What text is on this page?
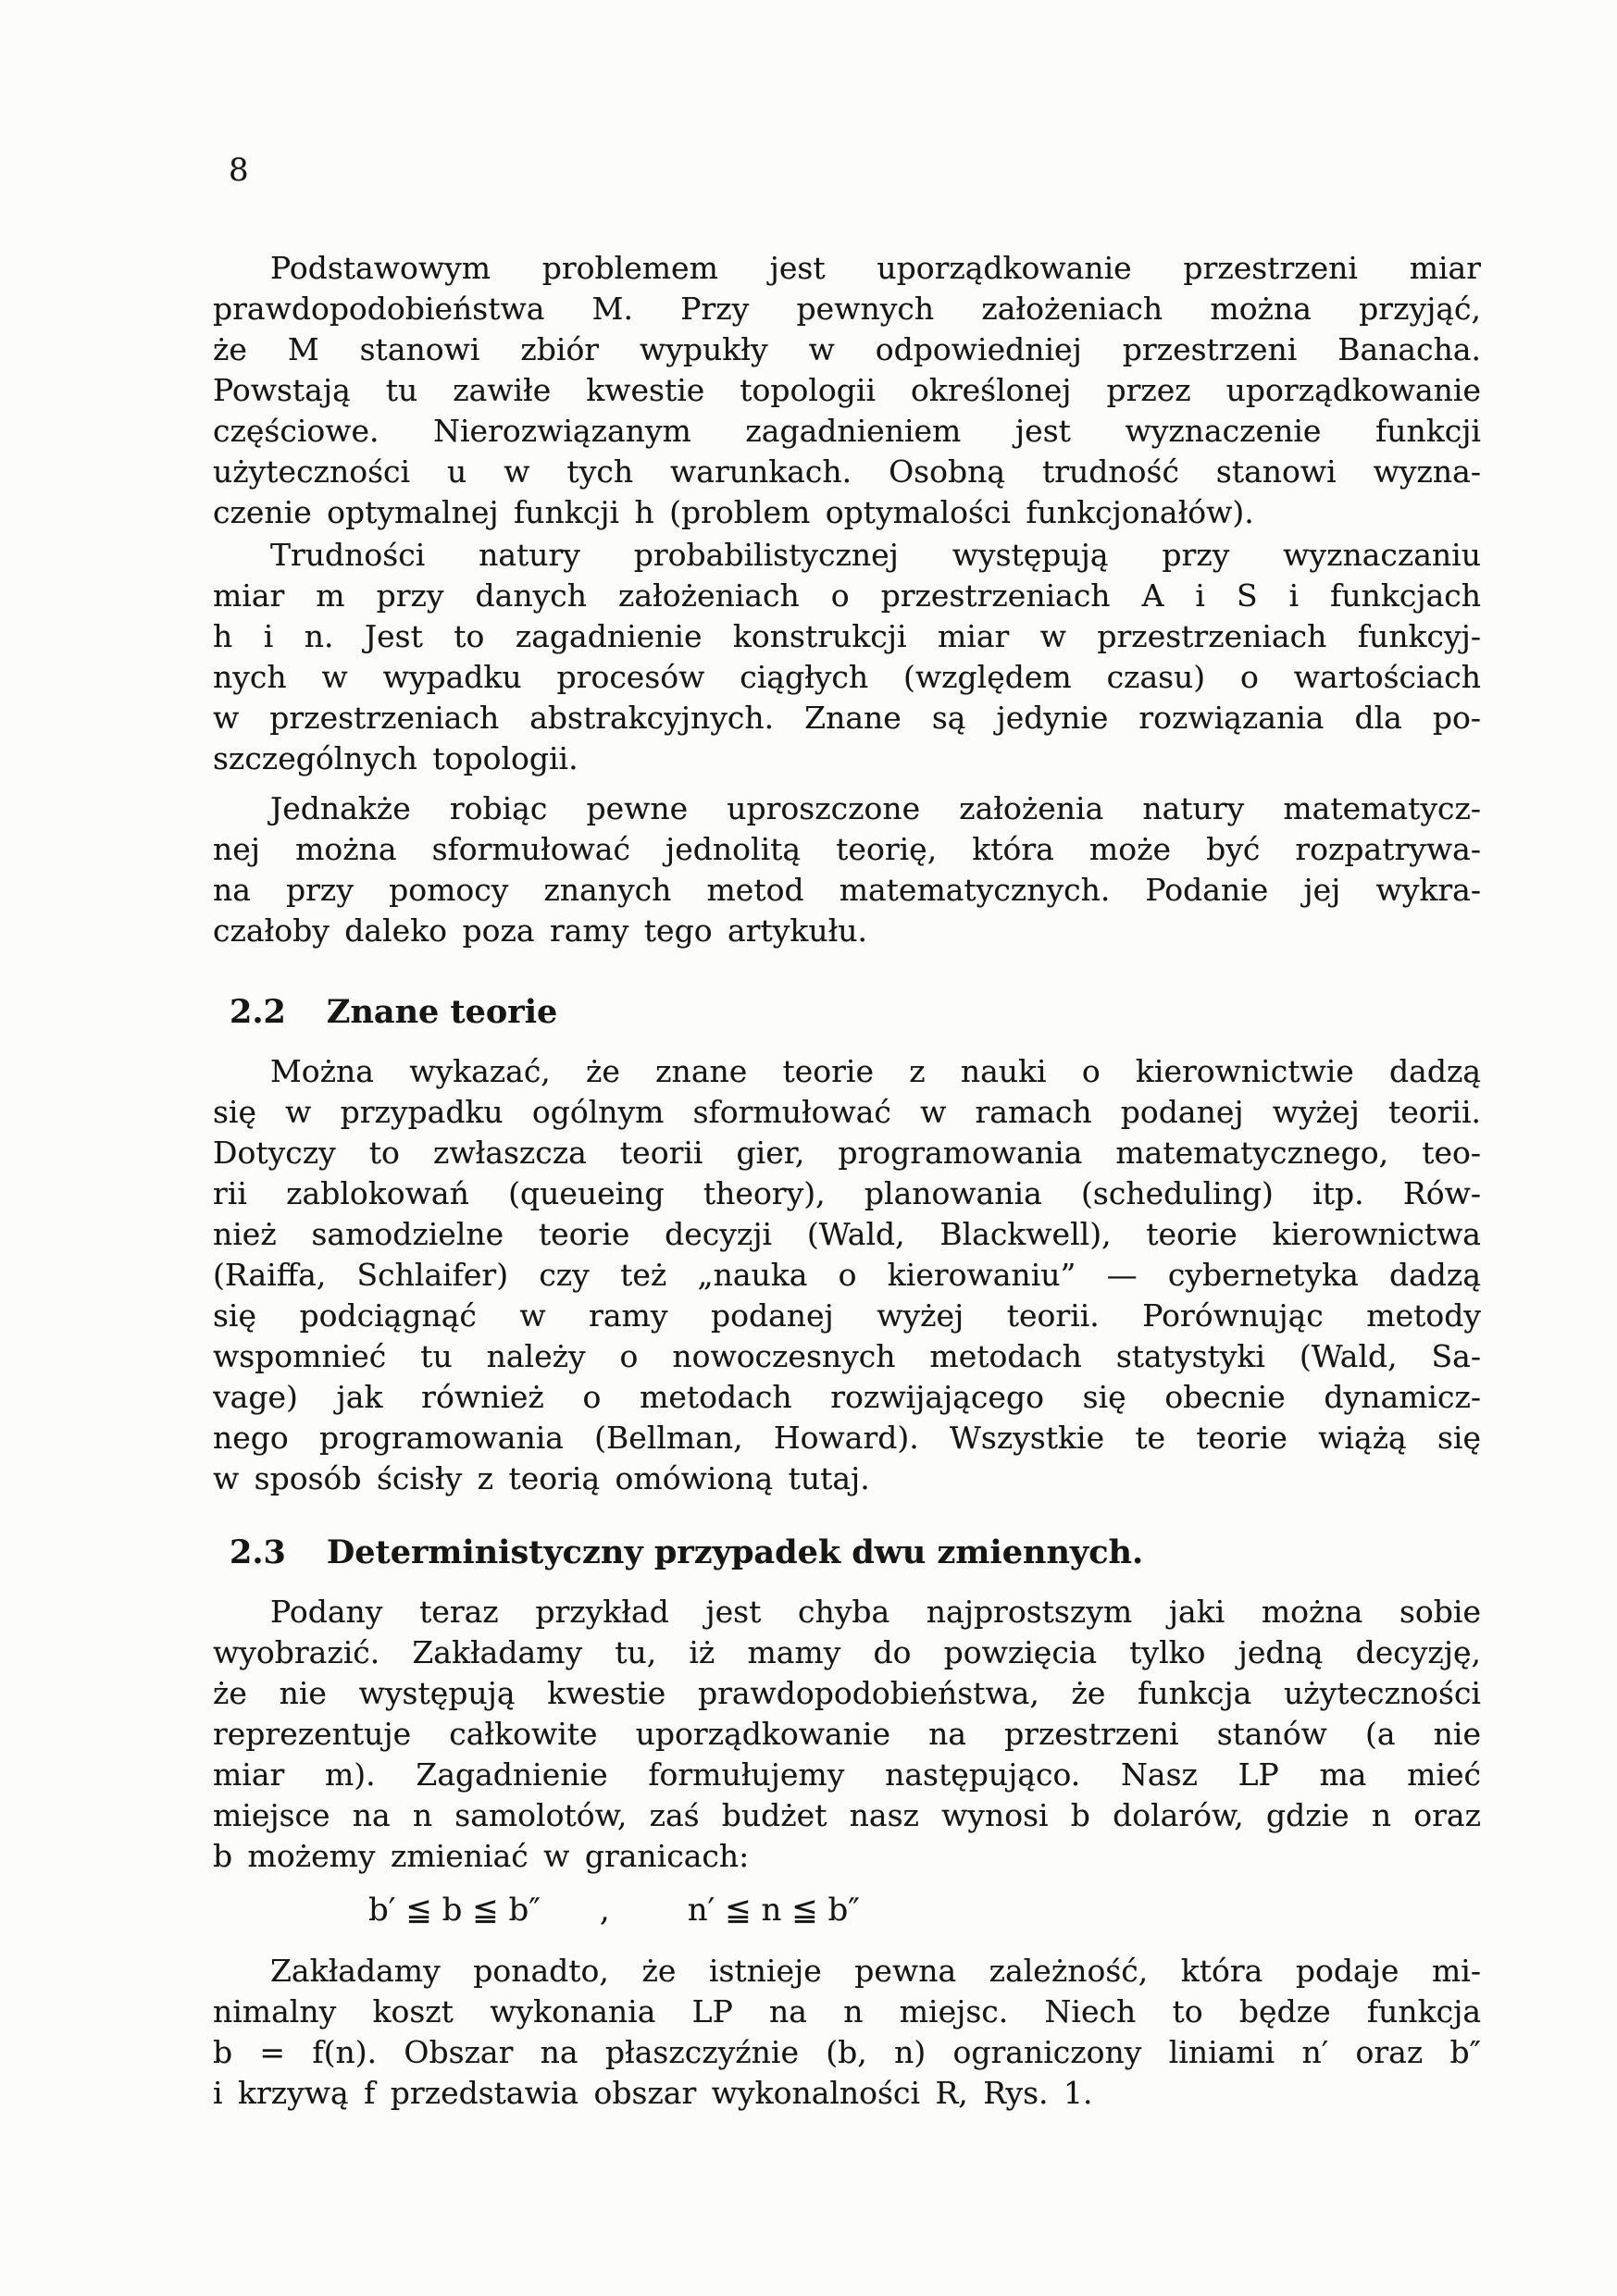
8
Podstawowym problemem jest uporządkowanie przestrzeni miar
prawdopodobieństwa M. Przy pewnych założeniach można przyjąć,
że M stanowi zbiór wypukły w odpowiedniej przestrzeni Banacha.
Powstają tu zawiłe kwestie topologii określonej przez uporządkowanie
częściowe. Nierozwiązanym zagadnieniem jest wyznaczenie funkcji
użyteczności u w tych warunkach. Osobną trudność stanowi wyzna-
czenie optymalnej funkcji h (problem optymalości funkcjonałów).
Trudności natury probabilistycznej występują przy wyznaczaniu
miar m przy danych założeniach o przestrzeniach A i S i funkcjach
h i n. Jest to zagadnienie konstrukcji miar w przestrzeniach funkcyj-
nych w wypadku procesów ciągłych (względem czasu) o wartościach
w przestrzeniach abstrakcyjnych. Znane są jedynie rozwiązania dla po-
szczególnych topologii.
Jednakże robiąc pewne uproszczone założenia natury matematycz-
nej można sformułować jednolitą teorię, która może być rozpatrywa-
na przy pomocy znanych metod matematycznych. Podanie jej wykra-
czałoby daleko poza ramy tego artykułu.
2.2 Znane teorie
Można wykazać, że znane teorie z nauki o kierownictwie dadzą
się w przypadku ogólnym sformułować w ramach podanej wyżej teorii.
Dotyczy to zwłaszcza teorii gier, programowania matematycznego, teo-
rii zablokowań (queueing theory), planowania (scheduling) itp. Rów-
nież samodzielne teorie decyzji (Wald, Blackwell), teorie kierownictwa
(Raiffa, Schlaifer) czy też „nauka o kierowaniu” — cybernetyka dadzą
się podciągnąć w ramy podanej wyżej teorii. Porównując metody
wspomnieć tu należy o nowoczesnych metodach statystyki (Wald, Sa-
vage) jak również o metodach rozwijającego się obecnie dynamicz-
nego programowania (Bellman, Howard). Wszystkie te teorie wiążą się
w sposób ścisły z teorią omówioną tutaj.
2.3 Deterministyczny przypadek dwu zmiennych.
Podany teraz przykład jest chyba najprostszym jaki można sobie
wyobrazić. Zakładamy tu, iż mamy do powzięcia tylko jedną decyzję,
że nie występują kwestie prawdopodobieństwa, że funkcja użyteczności
reprezentuje całkowite uporządkowanie na przestrzeni stanów (a nie
miar m). Zagadnienie formułujemy następująco. Nasz LP ma mieć
miejsce na n samolotów, zaś budżet nasz wynosi b dolarów, gdzie n oraz
b możemy zmieniać w granicach:
b′ ≦ b ≦ b″ , n′ ≦ n ≦ b″
Zakładamy ponadto, że istnieje pewna zależność, która podaje mi-
nimalny koszt wykonania LP na n miejsc. Niech to będze funkcja
b = f(n). Obszar na płaszczyźnie (b, n) ograniczony liniami n′ oraz b″
i krzywą f przedstawia obszar wykonalności R, Rys. 1.
